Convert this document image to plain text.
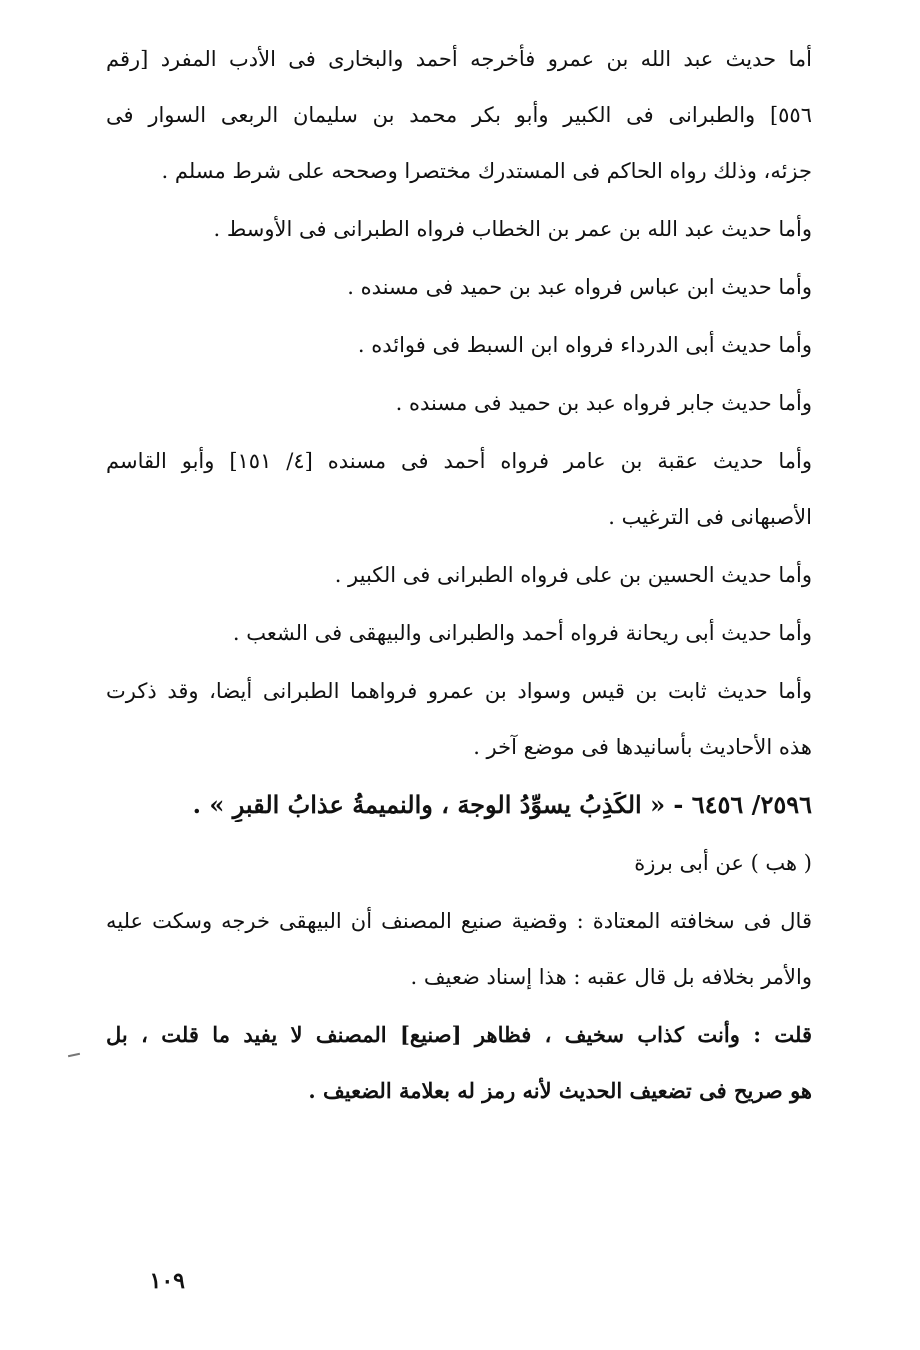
أما حديث عبد الله بن عمرو فأخرجه أحمد والبخارى فى الأدب المفرد [رقم
٥٥٦] والطبرانى فى الكبير وأبو بكر محمد بن سليمان الربعى السوار فى
جزئه، وذلك رواه الحاكم فى المستدرك مختصرا وصححه على شرط مسلم .
وأما حديث عبد الله بن عمر بن الخطاب فرواه الطبرانى فى الأوسط .
وأما حديث ابن عباس فرواه عبد بن حميد فى مسنده .
وأما حديث أبى الدرداء فرواه ابن السبط فى فوائده .
وأما حديث جابر فرواه عبد بن حميد فى مسنده .
وأما حديث عقبة بن عامر فرواه أحمد فى مسنده [٤/ ١٥١] وأبو القاسم
الأصبهانى فى الترغيب .
وأما حديث الحسين بن على فرواه الطبرانى فى الكبير .
وأما حديث أبى ريحانة فرواه أحمد والطبرانى والبيهقى فى الشعب .
وأما حديث ثابت بن قيس وسواد بن عمرو فرواهما الطبرانى أيضا، وقد ذكرت
هذه الأحاديث بأسانيدها فى موضع آخر .
٢٥٩٦/ ٦٤٥٦ - « الكَذِبُ يسوِّدُ الوجهَ ، والنميمةُ عذابُ القبرِ » .
( هب ) عن أبى برزة
قال فى سخافته المعتادة : وقضية صنيع المصنف أن البيهقى خرجه وسكت عليه
والأمر بخلافه بل قال عقبه : هذا إسناد ضعيف .
قلت : وأنت كذاب سخيف ، فظاهر [صنيع] المصنف لا يفيد ما قلت ، بل
هو صريح فى تضعيف الحديث لأنه رمز له بعلامة الضعيف .
١٠٩
